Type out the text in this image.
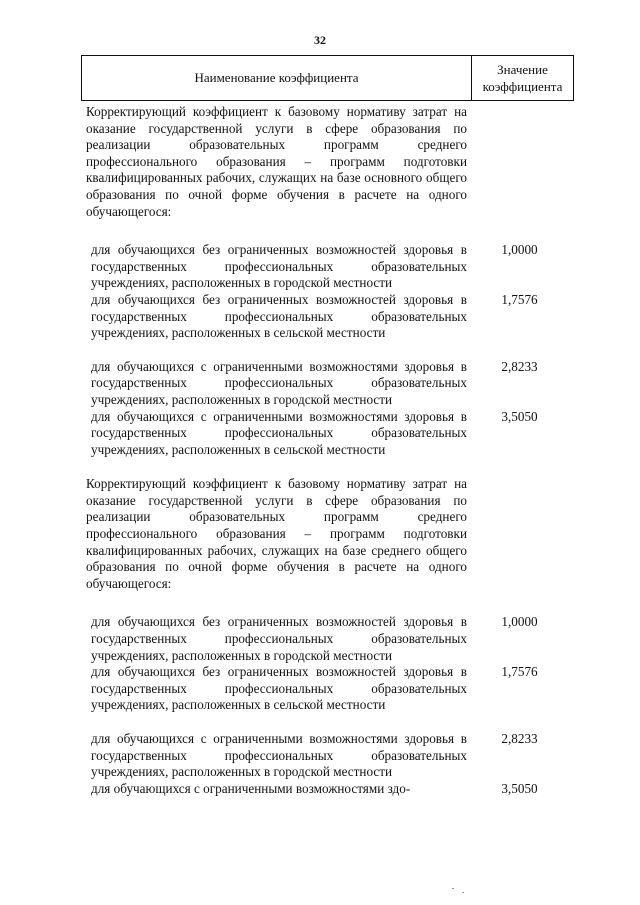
32
Наименование коэффициента
Значение
коэффициента
Корректирующий коэффициент к базовому нормативу затрат на оказание государственной услуги в сфере образования по реализации образовательных программ среднего профессионального образования – программ подготовки квалифицированных рабочих, служащих на базе основного общего образования по очной форме обучения в расчете на одного обучающегося:
для обучающихся без ограниченных возможностей здоровья в государственных профессиональных образовательных учреждениях, расположенных в городской местности
1,0000
для обучающихся без ограниченных возможностей здоровья в государственных профессиональных образовательных учреждениях, расположенных в сельской местности
1,7576
для обучающихся с ограниченными возможностями здоровья в государственных профессиональных образовательных учреждениях, расположенных в городской местности
2,8233
для обучающихся с ограниченными возможностями здоровья в государственных профессиональных образовательных учреждениях, расположенных в сельской местности
3,5050
Корректирующий коэффициент к базовому нормативу затрат на оказание государственной услуги в сфере образования по реализации образовательных программ среднего профессионального образования – программ подготовки квалифицированных рабочих, служащих на базе среднего общего образования по очной форме обучения в расчете на одного обучающегося:
для обучающихся без ограниченных возможностей здоровья в государственных профессиональных образовательных учреждениях, расположенных в городской местности
1,0000
для обучающихся без ограниченных возможностей здоровья в государственных профессиональных образовательных учреждениях, расположенных в сельской местности
1,7576
для обучающихся с ограниченными возможностями здоровья в государственных профессиональных образовательных учреждениях, расположенных в городской местности
2,8233
для обучающихся с ограниченными возможностями здо-	3,5050
